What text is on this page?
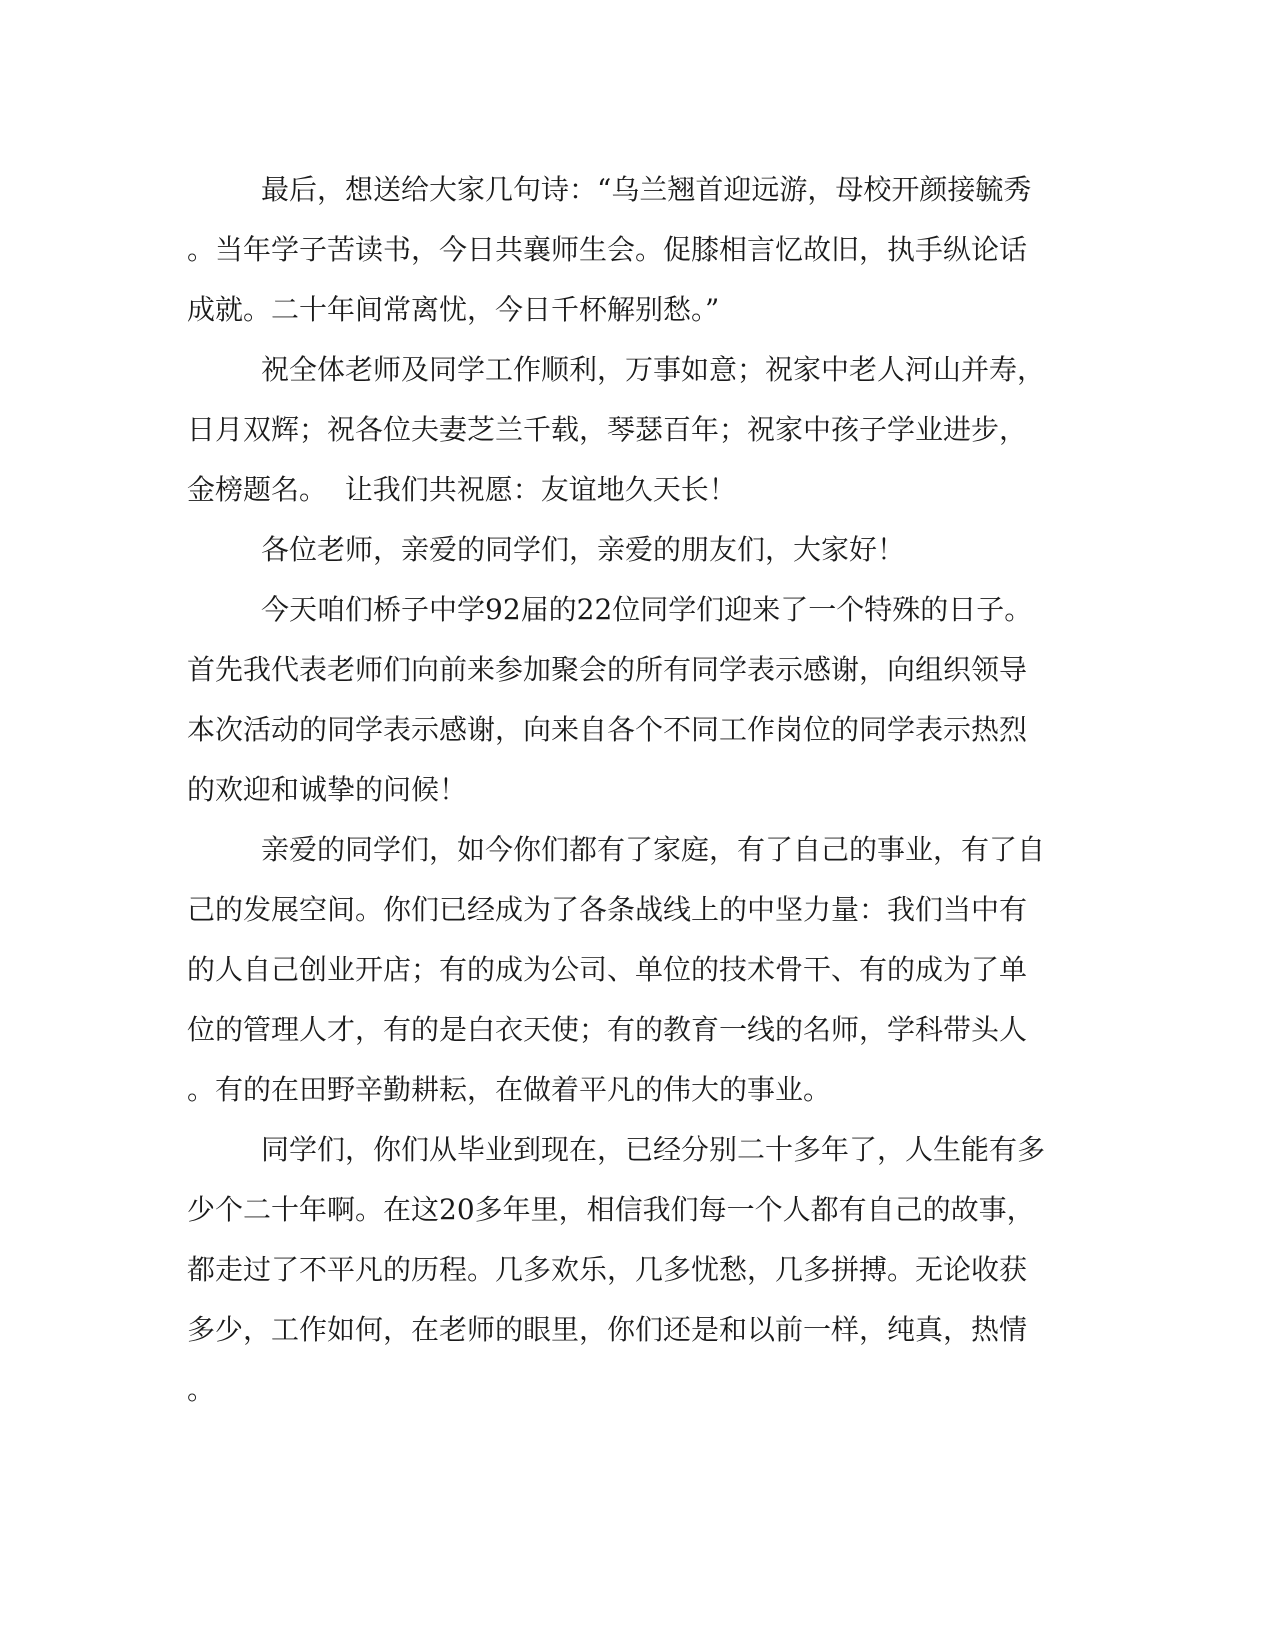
最后，想送给大家几句诗：“乌兰翘首迎远游，母校开颜接毓秀
。当年学子苦读书，今日共襄师生会。促膝相言忆故旧，执手纵论话
成就。二十年间常离忧，今日千杯解别愁。”
祝全体老师及同学工作顺利，万事如意；祝家中老人河山并寿，
日月双辉；祝各位夫妻芝兰千载，琴瑟百年；祝家中孩子学业进步，
金榜题名。  让我们共祝愿：友谊地久天长！
各位老师，亲爱的同学们，亲爱的朋友们，大家好！
今天咱们桥子中学92届的22位同学们迎来了一个特殊的日子。
首先我代表老师们向前来参加聚会的所有同学表示感谢，向组织领导
本次活动的同学表示感谢，向来自各个不同工作岗位的同学表示热烈
的欢迎和诚挚的问候！
亲爱的同学们，如今你们都有了家庭，有了自己的事业，有了自
己的发展空间。你们已经成为了各条战线上的中坚力量：我们当中有
的人自己创业开店；有的成为公司、单位的技术骨干、有的成为了单
位的管理人才，有的是白衣天使；有的教育一线的名师，学科带头人
。有的在田野辛勤耕耘，在做着平凡的伟大的事业。
同学们，你们从毕业到现在，已经分别二十多年了，人生能有多
少个二十年啊。在这20多年里，相信我们每一个人都有自己的故事，
都走过了不平凡的历程。几多欢乐，几多忧愁，几多拼搏。无论收获
多少，工作如何，在老师的眼里，你们还是和以前一样，纯真，热情
。
